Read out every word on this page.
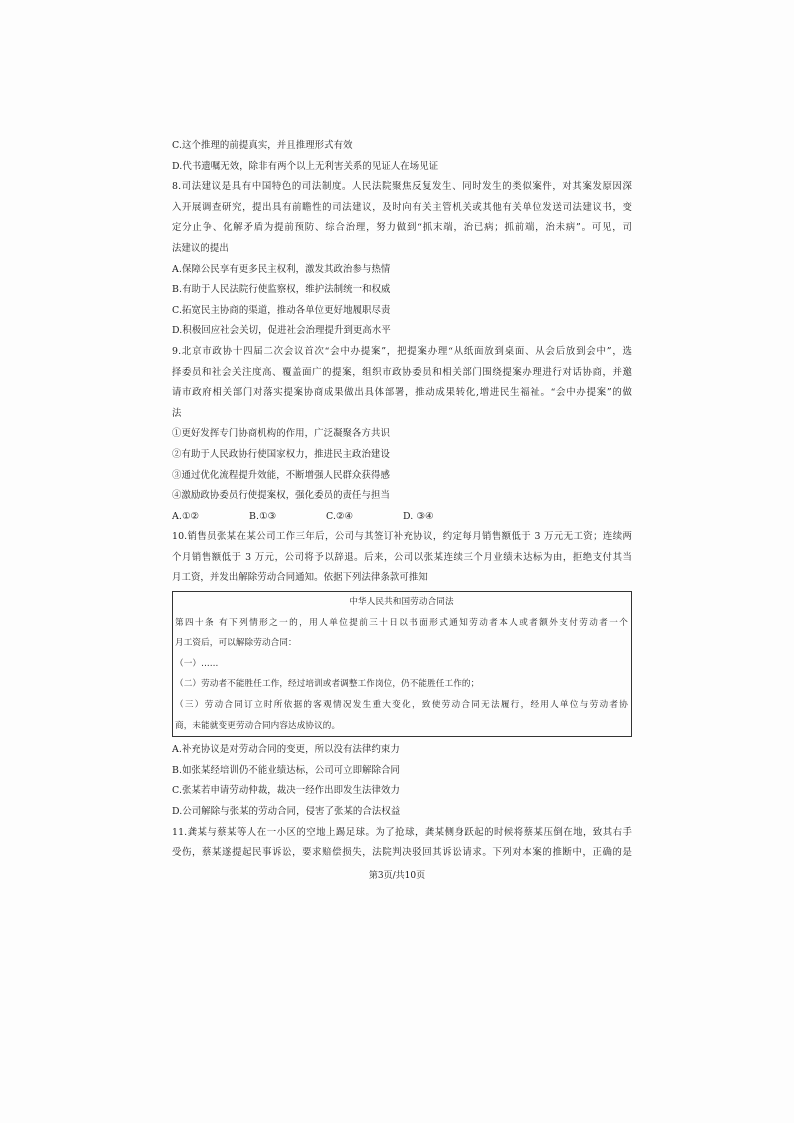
C.这个推理的前提真实，并且推理形式有效
D.代书遗嘱无效，除非有两个以上无利害关系的见证人在场见证
8.司法建议是具有中国特色的司法制度。人民法院聚焦反复发生、同时发生的类似案件，对其案发原因深
入开展调查研究，提出具有前瞻性的司法建议，及时向有关主管机关或其他有关单位发送司法建议书，变
定分止争、化解矛盾为提前预防、综合治理，努力做到“抓末端，治已病；抓前端，治未病”。可见，司
法建议的提出
A.保障公民享有更多民主权利，激发其政治参与热情
B.有助于人民法院行使监察权，维护法制统一和权威
C.拓宽民主协商的渠道，推动各单位更好地履职尽责
D.积极回应社会关切，促进社会治理提升到更高水平
9.北京市政协十四届二次会议首次“会中办提案”，把提案办理“从纸面放到桌面、从会后放到会中”，选
择委员和社会关注度高、覆盖面广的提案，组织市政协委员和相关部门围绕提案办理进行对话协商，并邀
请市政府相关部门对落实提案协商成果做出具体部署，推动成果转化,增进民生福祉。“会中办提案”的做
法
①更好发挥专门协商机构的作用，广泛凝聚各方共识
②有助于人民政协行使国家权力，推进民主政治建设
③通过优化流程提升效能，不断增强人民群众获得感
④激励政协委员行使提案权，强化委员的责任与担当
A.①②	B.①③	C.②④	D. ③④
10.销售员张某在某公司工作三年后，公司与其签订补充协议，约定每月销售额低于 3 万元无工资；连续两
个月销售额低于 3 万元，公司将予以辞退。后来，公司以张某连续三个月业绩未达标为由，拒绝支付其当
月工资，并发出解除劳动合同通知。依据下列法律条款可推知
中华人民共和国劳动合同法
第四十条 有下列情形之一的，用人单位提前三十日以书面形式通知劳动者本人或者额外支付劳动者一个
月工资后，可以解除劳动合同：
（一）……
（二）劳动者不能胜任工作，经过培训或者调整工作岗位，仍不能胜任工作的；
（三）劳动合同订立时所依据的客观情况发生重大变化，致使劳动合同无法履行，经用人单位与劳动者协
商，未能就变更劳动合同内容达成协议的。
A.补充协议是对劳动合同的变更，所以没有法律约束力
B.如张某经培训仍不能业绩达标，公司可立即解除合同
C.张某若申请劳动仲裁，裁决一经作出即发生法律效力
D.公司解除与张某的劳动合同，侵害了张某的合法权益
11.龚某与蔡某等人在一小区的空地上踢足球。为了抢球，龚某侧身跃起的时候将蔡某压倒在地，致其右手
受伤，蔡某遂提起民事诉讼，要求赔偿损失，法院判决驳回其诉讼请求。下列对本案的推断中，正确的是
第3页/共10页
